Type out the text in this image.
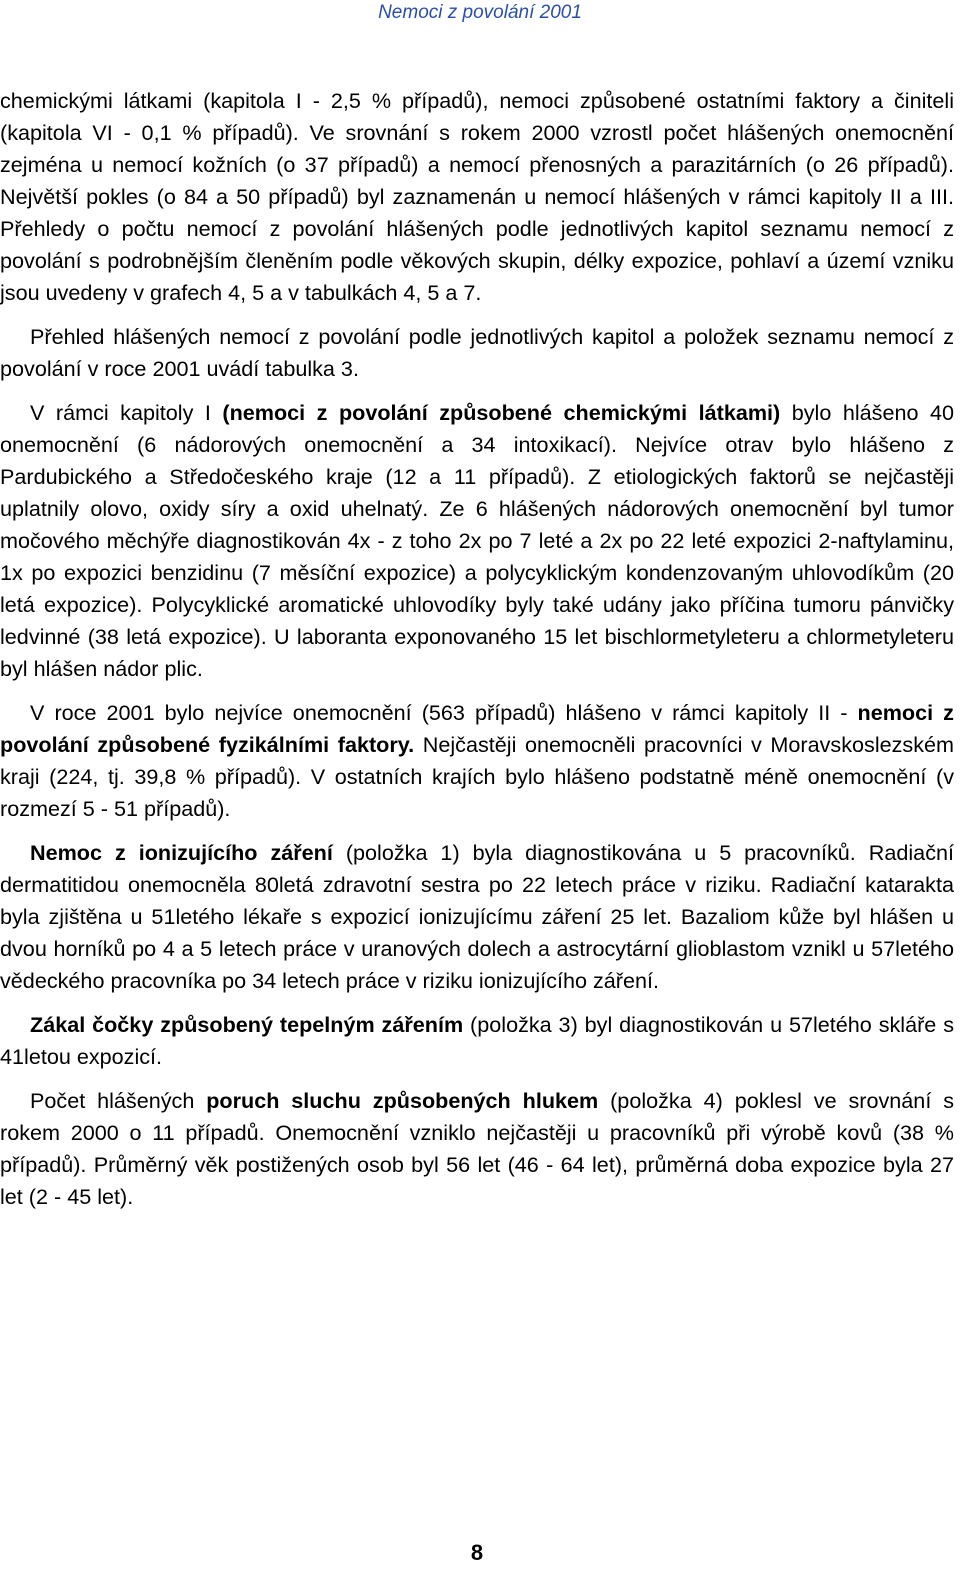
Nemoci z povolání 2001

chemickými látkami (kapitola I - 2,5 % případů), nemoci způsobené ostatními faktory a činiteli (kapitola VI - 0,1 % případů). Ve srovnání s rokem 2000 vzrostl počet hlášených onemocnění zejména u nemocí kožních (o 37 případů) a nemocí přenosných a parazitárních (o 26 případů). Největší pokles (o 84 a 50 případů) byl zaznamenán u nemocí hlášených v rámci kapitoly II a III. Přehledy o počtu nemocí z povolání hlášených podle jednotlivých kapitol seznamu nemocí z povolání s podrobnějším členěním podle věkových skupin, délky expozice, pohlaví a území vzniku jsou uvedeny v grafech 4, 5 a v tabulkách 4, 5 a 7.

Přehled hlášených nemocí z povolání podle jednotlivých kapitol a položek seznamu nemocí z povolání v roce 2001 uvádí tabulka 3.

V rámci kapitoly I (nemoci z povolání způsobené chemickými látkami) bylo hlášeno 40 onemocnění (6 nádorových onemocnění a 34 intoxikací). Nejvíce otrav bylo hlášeno z Pardubického a Středočeského kraje (12 a 11 případů). Z etiologických faktorů se nejčastěji uplatnily olovo, oxidy síry a oxid uhelnatý. Ze 6 hlášených nádorových onemocnění byl tumor močového měchýře diagnostikován 4x - z toho 2x po 7 leté a 2x po 22 leté expozici 2-naftylaminu, 1x po expozici benzidinu (7 měsíční expozice) a polycyklickým kondenzovaným uhlovodíkům (20 letá expozice). Polycyklické aromatické uhlovodíky byly také udány jako příčina tumoru pánvičky ledvinné (38 letá expozice). U laboranta exponovaného 15 let bischlormetyleteru a chlormetyleteru byl hlášen nádor plic.

V roce 2001 bylo nejvíce onemocnění (563 případů) hlášeno v rámci kapitoly II - nemoci z povolání způsobené fyzikálními faktory. Nejčastěji onemocněli pracovníci v Moravskoslezském kraji (224, tj. 39,8 % případů). V ostatních krajích bylo hlášeno podstatně méně onemocnění (v rozmezí 5 - 51 případů).

Nemoc z ionizujícího záření (položka 1) byla diagnostikována u 5 pracovníků. Radiační dermatitidou onemocněla 80letá zdravotní sestra po 22 letech práce v riziku. Radiační katarakta byla zjištěna u 51letého lékaře s expozicí ionizujícímu záření 25 let. Bazaliom kůže byl hlášen u dvou horníků po 4 a 5 letech práce v uranových dolech a astrocytární glioblastom vznikl u 57letého vědeckého pracovníka po 34 letech práce v riziku ionizujícího záření.

Zákal čočky způsobený tepelným zářením (položka 3) byl diagnostikován u 57letého skláře s 41letou expozicí.

Počet hlášených poruch sluchu způsobených hlukem (položka 4) poklesl ve srovnání s rokem 2000 o 11 případů. Onemocnění vzniklo nejčastěji u pracovníků při výrobě kovů (38 % případů). Průměrný věk postižených osob byl 56 let (46 - 64 let), průměrná doba expozice byla 27 let (2 - 45 let).

8
